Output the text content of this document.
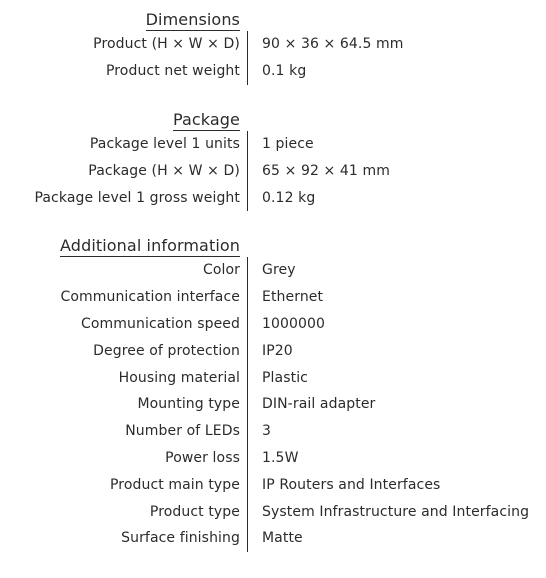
Dimensions
Product (H × W × D)	90 × 36 × 64.5 mm
Product net weight	0.1 kg
Package
Package level 1 units	1 piece
Package (H × W × D)	65 × 92 × 41 mm
Package level 1 gross weight	0.12 kg
Additional information
Color	Grey
Communication interface	Ethernet
Communication speed	1000000
Degree of protection	IP20
Housing material	Plastic
Mounting type	DIN-rail adapter
Number of LEDs	3
Power loss	1.5W
Product main type	IP Routers and Interfaces
Product type	System Infrastructure and Interfacing
Surface finishing	Matte
